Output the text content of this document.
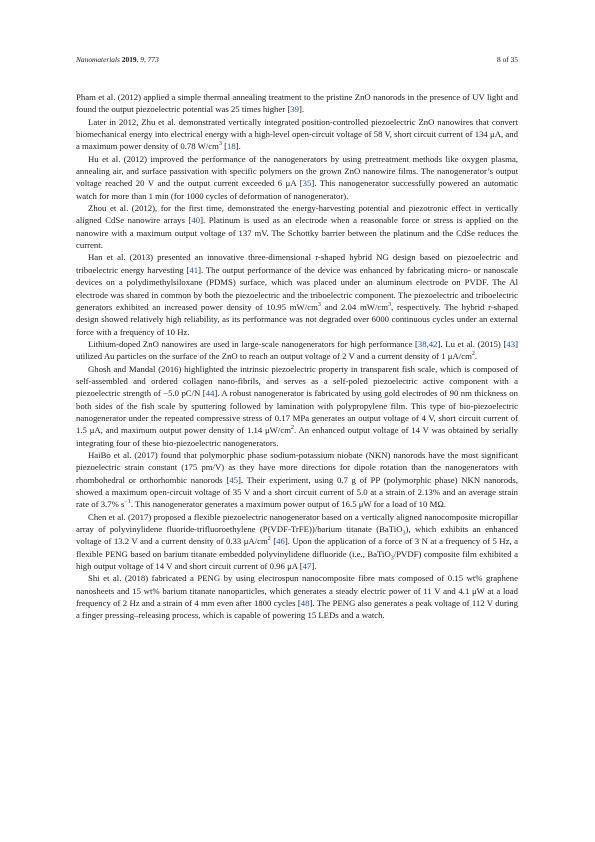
Nanomaterials 2019, 9, 773	8 of 35

Pham et al. (2012) applied a simple thermal annealing treatment to the pristine ZnO nanorods in the presence of UV light and found the output piezoelectric potential was 25 times higher [39].

Later in 2012, Zhu et al. demonstrated vertically integrated position-controlled piezoelectric ZnO nanowires that convert biomechanical energy into electrical energy with a high-level open-circuit voltage of 58 V, short circuit current of 134 μA, and a maximum power density of 0.78 $W/cm^3$ [18].

Hu et al. (2012) improved the performance of the nanogenerators by using pretreatment methods like oxygen plasma, annealing air, and surface passivation with specific polymers on the grown ZnO nanowire films. The nanogenerator’s output voltage reached 20 V and the output current exceeded 6 μA [35]. This nanogenerator successfully powered an automatic watch for more than 1 min (for 1000 cycles of deformation of nanogenerator).

Zhou et al. (2012), for the first time, demonstrated the energy-harvesting potential and piezotronic effect in vertically aligned CdSe nanowire arrays [40]. Platinum is used as an electrode when a reasonable force or stress is applied on the nanowire with a maximum output voltage of 137 mV. The Schottky barrier between the platinum and the CdSe reduces the current.

Han et al. (2013) presented an innovative three-dimensional r-shaped hybrid NG design based on piezoelectric and triboelectric energy harvesting [41]. The output performance of the device was enhanced by fabricating micro- or nanoscale devices on a polydimethylsiloxane (PDMS) surface, which was placed under an aluminum electrode on PVDF. The Al electrode was shared in common by both the piezoelectric and the triboelectric component. The piezoelectric and triboelectric generators exhibited an increased power density of 10.95 $mW/cm^3$ and 2.04 $mW/cm^3$, respectively. The hybrid r-shaped design showed relatively high reliability, as its performance was not degraded over 6000 continuous cycles under an external force with a frequency of 10 Hz.

Lithium-doped ZnO nanowires are used in large-scale nanogenerators for high performance [38,42]. Lu et al. (2015) [43] utilized Au particles on the surface of the ZnO to reach an output voltage of 2 V and a current density of 1 $\mu A/cm^2$.

Ghosh and Mandal (2016) highlighted the intrinsic piezoelectric property in transparent fish scale, which is composed of self-assembled and ordered collagen nano-fibrils, and serves as a self-poled piezoelectric active component with a piezoelectric strength of −5.0 pC/N [44]. A robust nanogenerator is fabricated by using gold electrodes of 90 nm thickness on both sides of the fish scale by sputtering followed by lamination with polypropylene film. This type of bio-piezoelectric nanogenerator under the repeated compressive stress of 0.17 MPa generates an output voltage of 4 V, short circuit current of 1.5 μA, and maximum output power density of 1.14 $\mu W/cm^2$. An enhanced output voltage of 14 V was obtained by serially integrating four of these bio-piezoelectric nanogenerators.

HaiBo et al. (2017) found that polymorphic phase sodium-potassium niobate (NKN) nanorods have the most significant piezoelectric strain constant (175 pm/V) as they have more directions for dipole rotation than the nanogenerators with rhombohedral or orthorhombic nanorods [45]. Their experiment, using 0.7 g of PP (polymorphic phase) NKN nanorods, showed a maximum open-circuit voltage of 35 V and a short circuit current of 5.0 at a strain of 2.13% and an average strain rate of 3.7% $s^{-1}$. This nanogenerator generates a maximum power output of 16.5 μW for a load of 10 MΩ.

Chen et al. (2017) proposed a flexible piezoelectric nanogenerator based on a vertically aligned nanocomposite micropillar array of polyvinylidene fluoride-trifluoroethylene (P(VDF-TrFE))/barium titanate (BaTiO$_3$), which exhibits an enhanced voltage of 13.2 V and a current density of 0.33 $\mu A/cm^2$ [46]. Upon the application of a force of 3 N at a frequency of 5 Hz, a flexible PENG based on barium titanate embedded polyvinylidene difluoride (i.e., BaTiO$_3$/PVDF) composite film exhibited a high output voltage of 14 V and short circuit current of 0.96 μA [47].

Shi et al. (2018) fabricated a PENG by using electrospun nanocomposite fibre mats composed of 0.15 wt% graphene nanosheets and 15 wt% barium titanate nanoparticles, which generates a steady electric power of 11 V and 4.1 μW at a load frequency of 2 Hz and a strain of 4 mm even after 1800 cycles [48]. The PENG also generates a peak voltage of 112 V during a finger pressing–releasing process, which is capable of powering 15 LEDs and a watch.
